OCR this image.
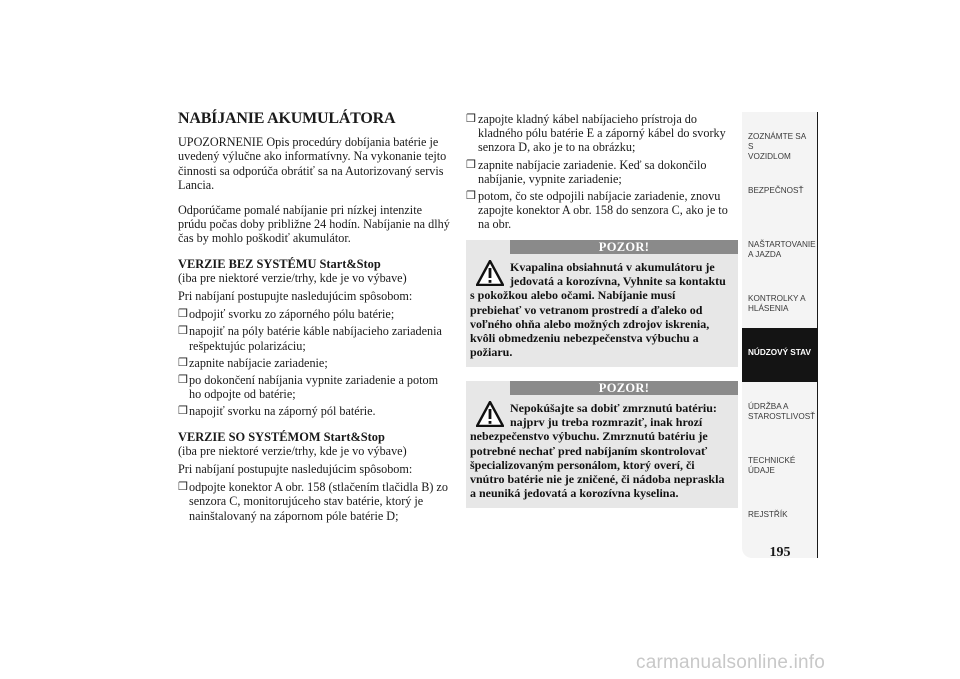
NABÍJANIE AKUMULÁTORA

UPOZORNENIE Opis procedúry dobíjania batérie je uvedený výlučne ako informatívny. Na vykonanie tejto činnosti sa odporúča obrátiť sa na Autorizovaný servis Lancia.

Odporúčame pomalé nabíjanie pri nízkej intenzite prúdu počas doby približne 24 hodín. Nabíjanie na dlhý čas by mohlo poškodiť akumulátor.

VERZIE BEZ SYSTÉMU Start&Stop

(iba pre niektoré verzie/trhy, kde je vo výbave)

Pri nabíjaní postupujte nasledujúcim spôsobom:

❒ odpojiť svorku zo záporného pólu batérie;
❒ napojiť na póly batérie káble nabíjacieho zariadenia rešpektujúc polarizáciu;
❒ zapnite nabíjacie zariadenie;
❒ po dokončení nabíjania vypnite zariadenie a potom ho odpojte od batérie;
❒ napojiť svorku na záporný pól batérie.
VERZIE SO SYSTÉMOM Start&Stop

(iba pre niektoré verzie/trhy, kde je vo výbave)

Pri nabíjaní postupujte nasledujúcim spôsobom:

❒ odpojte konektor A obr. 158 (stlačením tlačidla B) zo senzora C, monitorujúceho stav batérie, ktorý je nainštalovaný na zápornom póle batérie D;
❒ zapojte kladný kábel nabíjacieho prístroja do kladného pólu batérie E a záporný kábel do svorky senzora D, ako je to na obrázku;
❒ zapnite nabíjacie zariadenie. Keď sa dokončilo nabíjanie, vypnite zariadenie;
❒ potom, čo ste odpojili nabíjacie zariadenie, znovu zapojte konektor A obr. 158 do senzora C, ako je to na obr.
POZOR!
Kvapalina obsiahnutá v akumulátoru je
jedovatá a korozívna, Vyhnite sa kontaktu
s pokožkou alebo očami. Nabíjanie musí
prebiehať vo vetranom prostredí a ďaleko od
voľného ohňa alebo možných zdrojov iskrenia,
kvôli obmedzeniu nebezpečenstva výbuchu a
požiaru.
POZOR!
Nepokúšajte sa dobiť zmrznutú batériu:
najprv ju treba rozmraziť, inak hrozí
nebezpečenstvo výbuchu. Zmrznutú batériu je
potrebné nechať pred nabíjaním skontrolovať
špecializovaným personálom, ktorý overí, či
vnútro batérie nie je zničené, či nádoba nepraskla
a neuniká jedovatá a korozívna kyselina.
ZOZNÁMTE SA S
VOZIDLOM
BEZPEČNOSŤ

NAŠTARTOVANIE
A JAZDA
KONTROLKY A
HLÁSENIA
NÚDZOVÝ STAV

ÚDRŽBA A
STAROSTLIVOSŤ
TECHNICKÉ
ÚDAJE
REJSTŘÍK

195
carmanualsonline.info
